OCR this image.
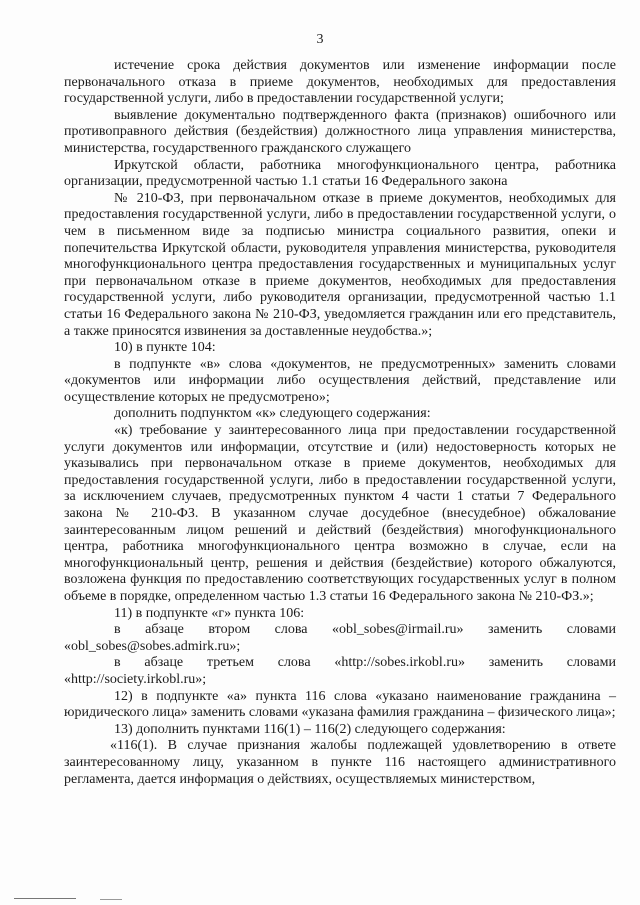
3

истечение срока действия документов или изменение информации после первоначального отказа в приеме документов, необходимых для предоставления государственной услуги, либо в предоставлении государственной услуги;

выявление документально подтвержденного факта (признаков) ошибочного или противоправного действия (бездействия) должностного лица управления министерства, министерства, государственного гражданского служащего

Иркутской области, работника многофункционального центра, работника организации, предусмотренной частью 1.1 статьи 16 Федерального закона

№ 210-ФЗ, при первоначальном отказе в приеме документов, необходимых для предоставления государственной услуги, либо в предоставлении государственной услуги, о чем в письменном виде за подписью министра социального развития, опеки и попечительства Иркутской области, руководителя управления министерства, руководителя многофункционального центра предоставления государственных и муниципальных услуг при первоначальном отказе в приеме документов, необходимых для предоставления государственной услуги, либо руководителя организации, предусмотренной частью 1.1 статьи 16 Федерального закона № 210-ФЗ, уведомляется гражданин или его представитель, а также приносятся извинения за доставленные неудобства.»;

10) в пункте 104:

в подпункте «в» слова «документов, не предусмотренных» заменить словами «документов или информации либо осуществления действий, представление или осуществление которых не предусмотрено»;

дополнить подпунктом «к» следующего содержания:

«к) требование у заинтересованного лица при предоставлении государственной услуги документов или информации, отсутствие и (или) недостоверность которых не указывались при первоначальном отказе в приеме документов, необходимых для предоставления государственной услуги, либо в предоставлении государственной услуги, за исключением случаев, предусмотренных пунктом 4 части 1 статьи 7 Федерального закона № 210-ФЗ. В указанном случае досудебное (внесудебное) обжалование заинтересованным лицом решений и действий (бездействия) многофункционального центра, работника многофункционального центра возможно в случае, если на многофункциональный центр, решения и действия (бездействие) которого обжалуются, возложена функция по предоставлению соответствующих государственных услуг в полном объеме в порядке, определенном частью 1.3 статьи 16 Федерального закона № 210-ФЗ.»;

11) в подпункте «г» пункта 106:

в абзаце втором слова «obl_sobes@irmail.ru» заменить словами «obl_sobes@sobes.admirk.ru»;

в абзаце третьем слова «http://sobes.irkobl.ru» заменить словами «http://society.irkobl.ru»;

12) в подпункте «а» пункта 116 слова «указано наименование гражданина – юридического лица» заменить словами «указана фамилия гражданина – физического лица»;

13) дополнить пунктами 116(1) – 116(2) следующего содержания:

«116(1). В случае признания жалобы подлежащей удовлетворению в ответе заинтересованному лицу, указанном в пункте 116 настоящего административного регламента, дается информация о действиях, осуществляемых министерством,
